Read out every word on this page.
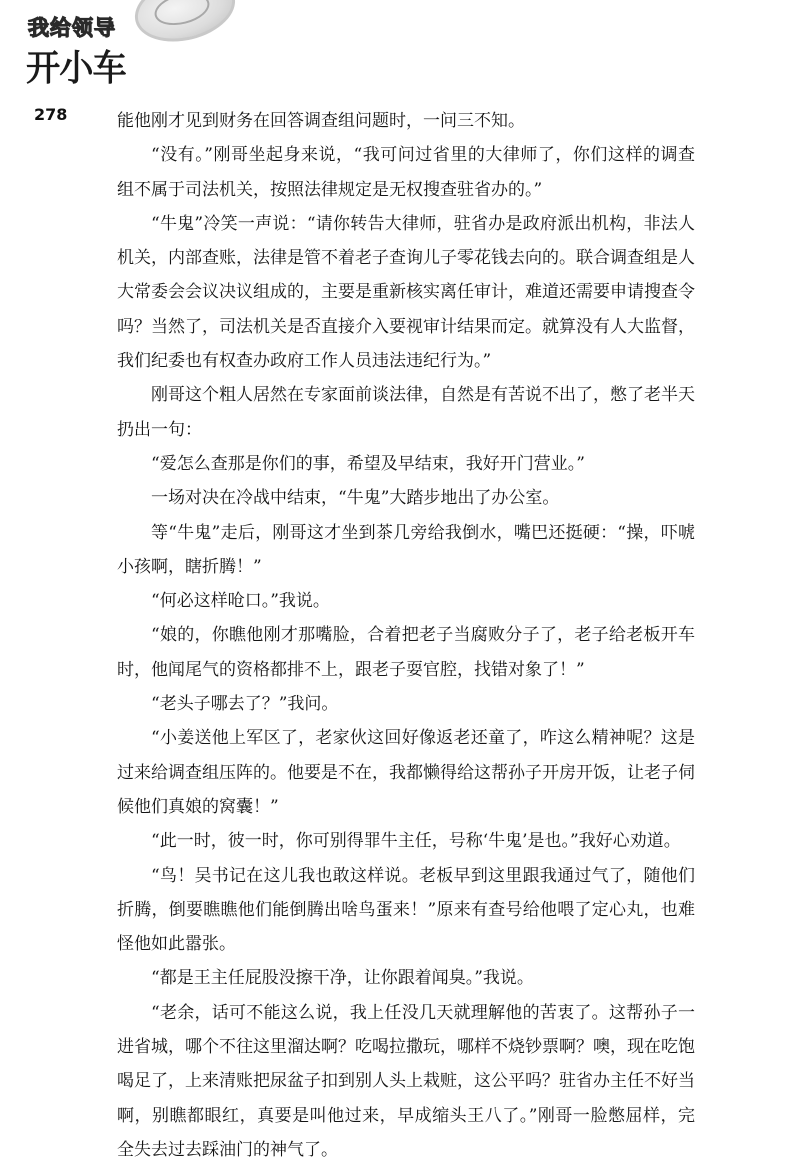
我给领导
开小车
278	能他刚才见到财务在回答调查组问题时，一问三不知。

“没有。”刚哥坐起身来说，“我可问过省里的大律师了，你们这样的调查组不属于司法机关，按照法律规定是无权搜查驻省办的。”

“牛鬼”冷笑一声说：“请你转告大律师，驻省办是政府派出机构，非法人机关，内部查账，法律是管不着老子查询儿子零花钱去向的。联合调查组是人大常委会会议决议组成的，主要是重新核实离任审计，难道还需要申请搜查令吗？当然了，司法机关是否直接介入要视审计结果而定。就算没有人大监督，我们纪委也有权查办政府工作人员违法违纪行为。”

刚哥这个粗人居然在专家面前谈法律，自然是有苦说不出了，憋了老半天扔出一句：

“爱怎么查那是你们的事，希望及早结束，我好开门营业。”

一场对决在冷战中结束，“牛鬼”大踏步地出了办公室。

等“牛鬼”走后，刚哥这才坐到茶几旁给我倒水，嘴巴还挺硬：“操，吓唬小孩啊，瞎折腾！”

“何必这样呛口。”我说。

“娘的，你瞧他刚才那嘴脸，合着把老子当腐败分子了，老子给老板开车时，他闻尾气的资格都排不上，跟老子耍官腔，找错对象了！”

“老头子哪去了？”我问。

“小姜送他上军区了，老家伙这回好像返老还童了，咋这么精神呢？这是过来给调查组压阵的。他要是不在，我都懒得给这帮孙子开房开饭，让老子伺候他们真娘的窝囊！”

“此一时，彼一时，你可别得罪牛主任，号称‘牛鬼’是也。”我好心劝道。

“鸟！吴书记在这儿我也敢这样说。老板早到这里跟我通过气了，随他们折腾，倒要瞧瞧他们能倒腾出啥鸟蛋来！”原来有查号给他喂了定心丸，也难怪他如此嚣张。

“都是王主任屁股没擦干净，让你跟着闻臭。”我说。

“老余，话可不能这么说，我上任没几天就理解他的苦衷了。这帮孙子一进省城，哪个不往这里溜达啊？吃喝拉撒玩，哪样不烧钞票啊？噢，现在吃饱喝足了，上来清账把尿盆子扣到别人头上栽赃，这公平吗？驻省办主任不好当啊，别瞧都眼红，真要是叫他过来，早成缩头王八了。”刚哥一脸憋屈样，完全失去过去踩油门的神气了。
